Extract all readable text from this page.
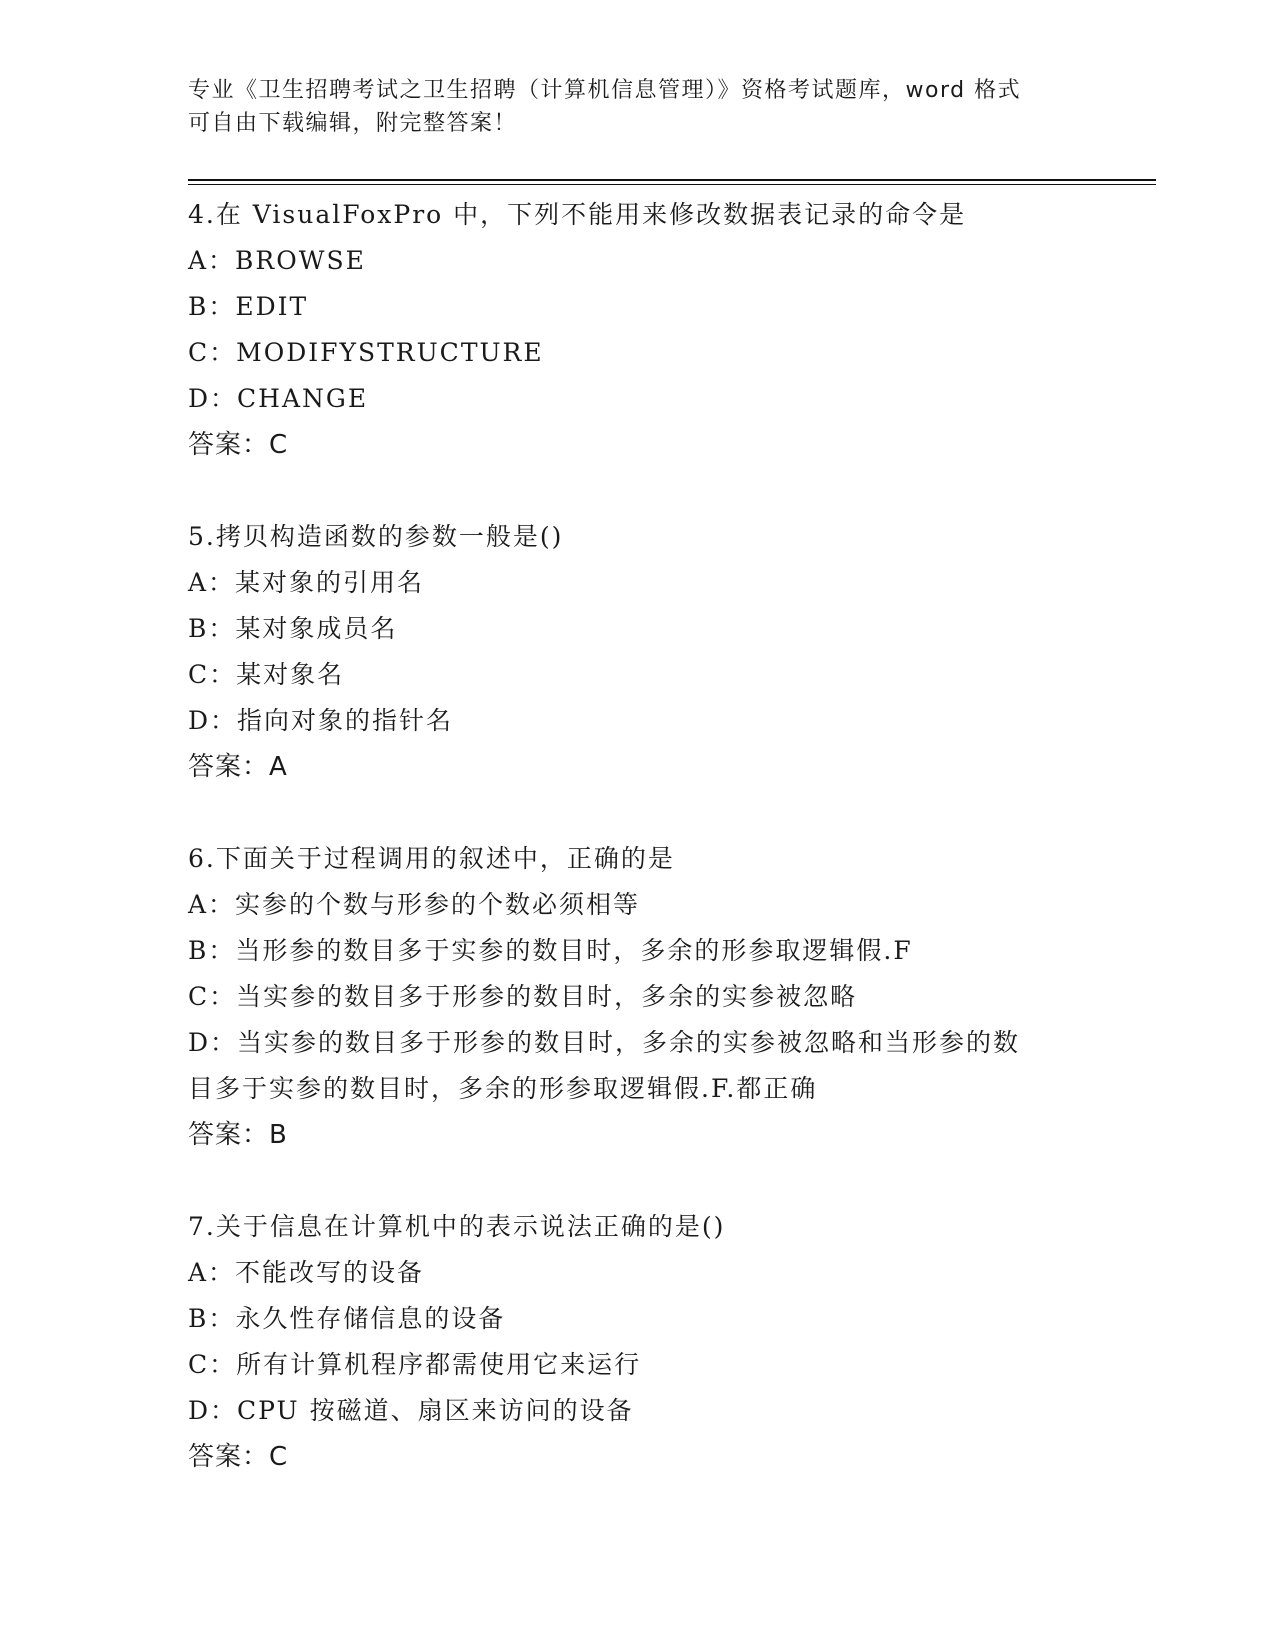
专业《卫生招聘考试之卫生招聘（计算机信息管理）》资格考试题库，word 格式
可自由下载编辑，附完整答案！
4.在 VisualFoxPro 中，下列不能用来修改数据表记录的命令是
A：BROWSE
B：EDIT
C：MODIFYSTRUCTURE
D：CHANGE
答案：C
5.拷贝构造函数的参数一般是()
A：某对象的引用名
B：某对象成员名
C：某对象名
D：指向对象的指针名
答案：A
6.下面关于过程调用的叙述中，正确的是
A：实参的个数与形参的个数必须相等
B：当形参的数目多于实参的数目时，多余的形参取逻辑假.F
C：当实参的数目多于形参的数目时，多余的实参被忽略
D：当实参的数目多于形参的数目时，多余的实参被忽略和当形参的数目多于实参的数目时，多余的形参取逻辑假.F.都正确
答案：B
7.关于信息在计算机中的表示说法正确的是()
A：不能改写的设备
B：永久性存储信息的设备
C：所有计算机程序都需使用它来运行
D：CPU 按磁道、扇区来访问的设备
答案：C
